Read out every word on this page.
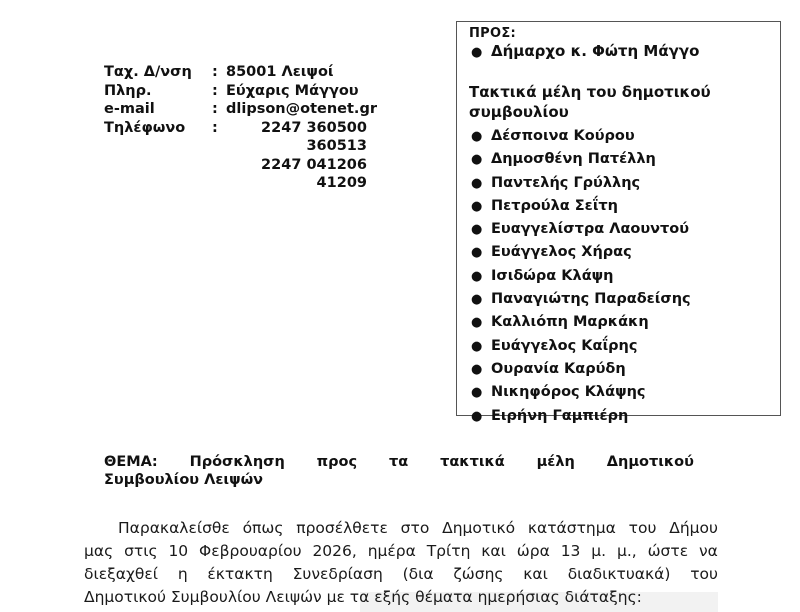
Ταχ. Δ/νση	: 85001 Λειψοί
Πληρ.	: Εύχαρις Μάγγου
e-mail	: dlipson@otenet.gr
Τηλέφωνο	:	2247 360500
360513
2247 041206
41209
ΠΡΟΣ:
● Δήμαρχο κ. Φώτη Μάγγο
Τακτικά μέλη του δημοτικού
συμβουλίου
● Δέσποινα Κούρου
● Δημοσθένη Πατέλλη
● Παντελής Γρύλλης
● Πετρούλα Σεΐτη
● Ευαγγελίστρα Λαουντού
● Ευάγγελος Χήρας
● Ισιδώρα Κλάψη
● Παναγιώτης Παραδείσης
● Καλλιόπη Μαρκάκη
● Ευάγγελος Καΐρης
● Ουρανία Καρύδη
● Νικηφόρος Κλάψης
● Ειρήνη Γαμπιέρη
ΘΕΜΑ: Πρόσκληση προς τα τακτικά μέλη Δημοτικού
Συμβουλίου Λειψών
Παρακαλείσθε όπως προσέλθετε στο Δημοτικό κατάστημα του Δήμου
μας στις 10 Φεβρουαρίου 2026, ημέρα Τρίτη και ώρα 13 μ. μ., ώστε να
διεξαχθεί η έκτακτη Συνεδρίαση (δια ζώσης και διαδικτυακά) του
Δημοτικού Συμβουλίου Λειψών με τα εξής θέματα ημερήσιας διάταξης:
